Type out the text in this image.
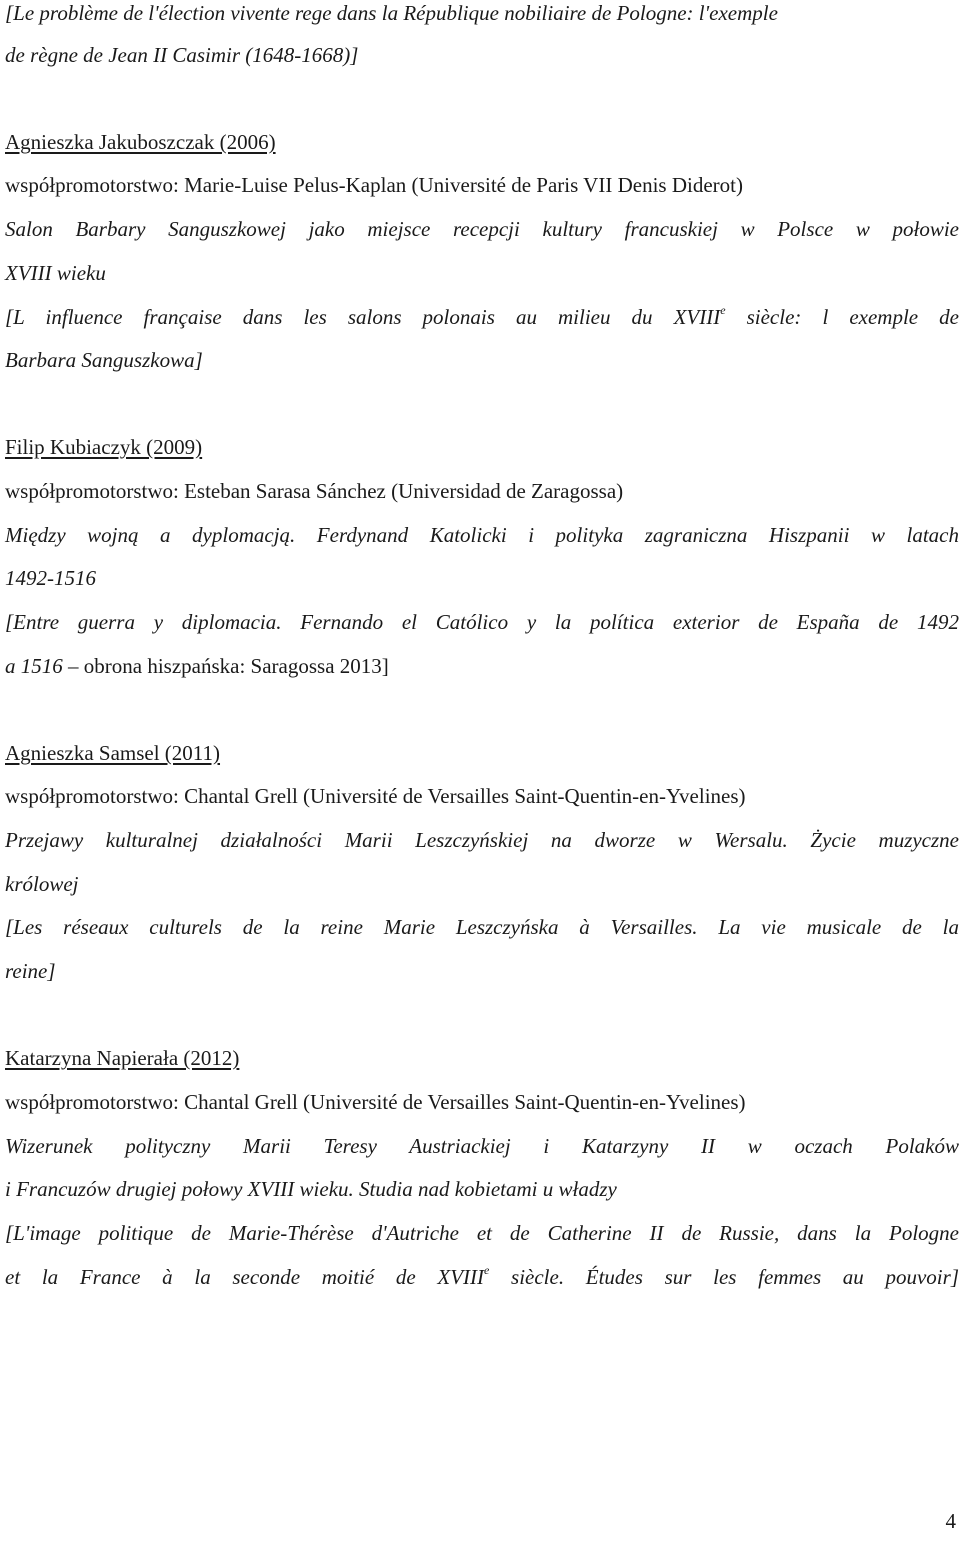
[Le problème de l'élection vivente rege dans la République nobiliaire de Pologne: l'exemple
de règne de Jean II Casimir (1648-1668)]
Agnieszka Jakuboszczak (2006)
współpromotorstwo: Marie-Luise Pelus-Kaplan (Université de Paris VII Denis Diderot)
Salon Barbary Sanguszkowej jako miejsce recepcji kultury francuskiej w Polsce w połowie
XVIII wieku
[L influence française dans les salons polonais au milieu du XVIIIe siècle: l exemple de
Barbara Sanguszkowa]
Filip Kubiaczyk (2009)
współpromotorstwo: Esteban Sarasa Sánchez (Universidad de Zaragossa)
Między wojną a dyplomacją. Ferdynand Katolicki i polityka zagraniczna Hiszpanii w latach
1492-1516
[Entre guerra y diplomacia. Fernando el Católico y la política exterior de España de 1492
a 1516 – obrona hiszpańska: Saragossa 2013]
Agnieszka Samsel (2011)
współpromotorstwo: Chantal Grell (Université de Versailles Saint-Quentin-en-Yvelines)
Przejawy kulturalnej działalności Marii Leszczyńskiej na dworze w Wersalu. Życie muzyczne
królowej
[Les réseaux culturels de la reine Marie Leszczyńska à Versailles. La vie musicale de la
reine]
Katarzyna Napierała (2012)
współpromotorstwo: Chantal Grell (Université de Versailles Saint-Quentin-en-Yvelines)
Wizerunek polityczny Marii Teresy Austriackiej i Katarzyny II w oczach Polaków
i Francuzów drugiej połowy XVIII wieku. Studia nad kobietami u władzy
[L'image politique de Marie-Thérèse d'Autriche et de Catherine II de Russie, dans la Pologne
et la France à la seconde moitié de XVIIIe siècle. Études sur les femmes au pouvoir]
4
